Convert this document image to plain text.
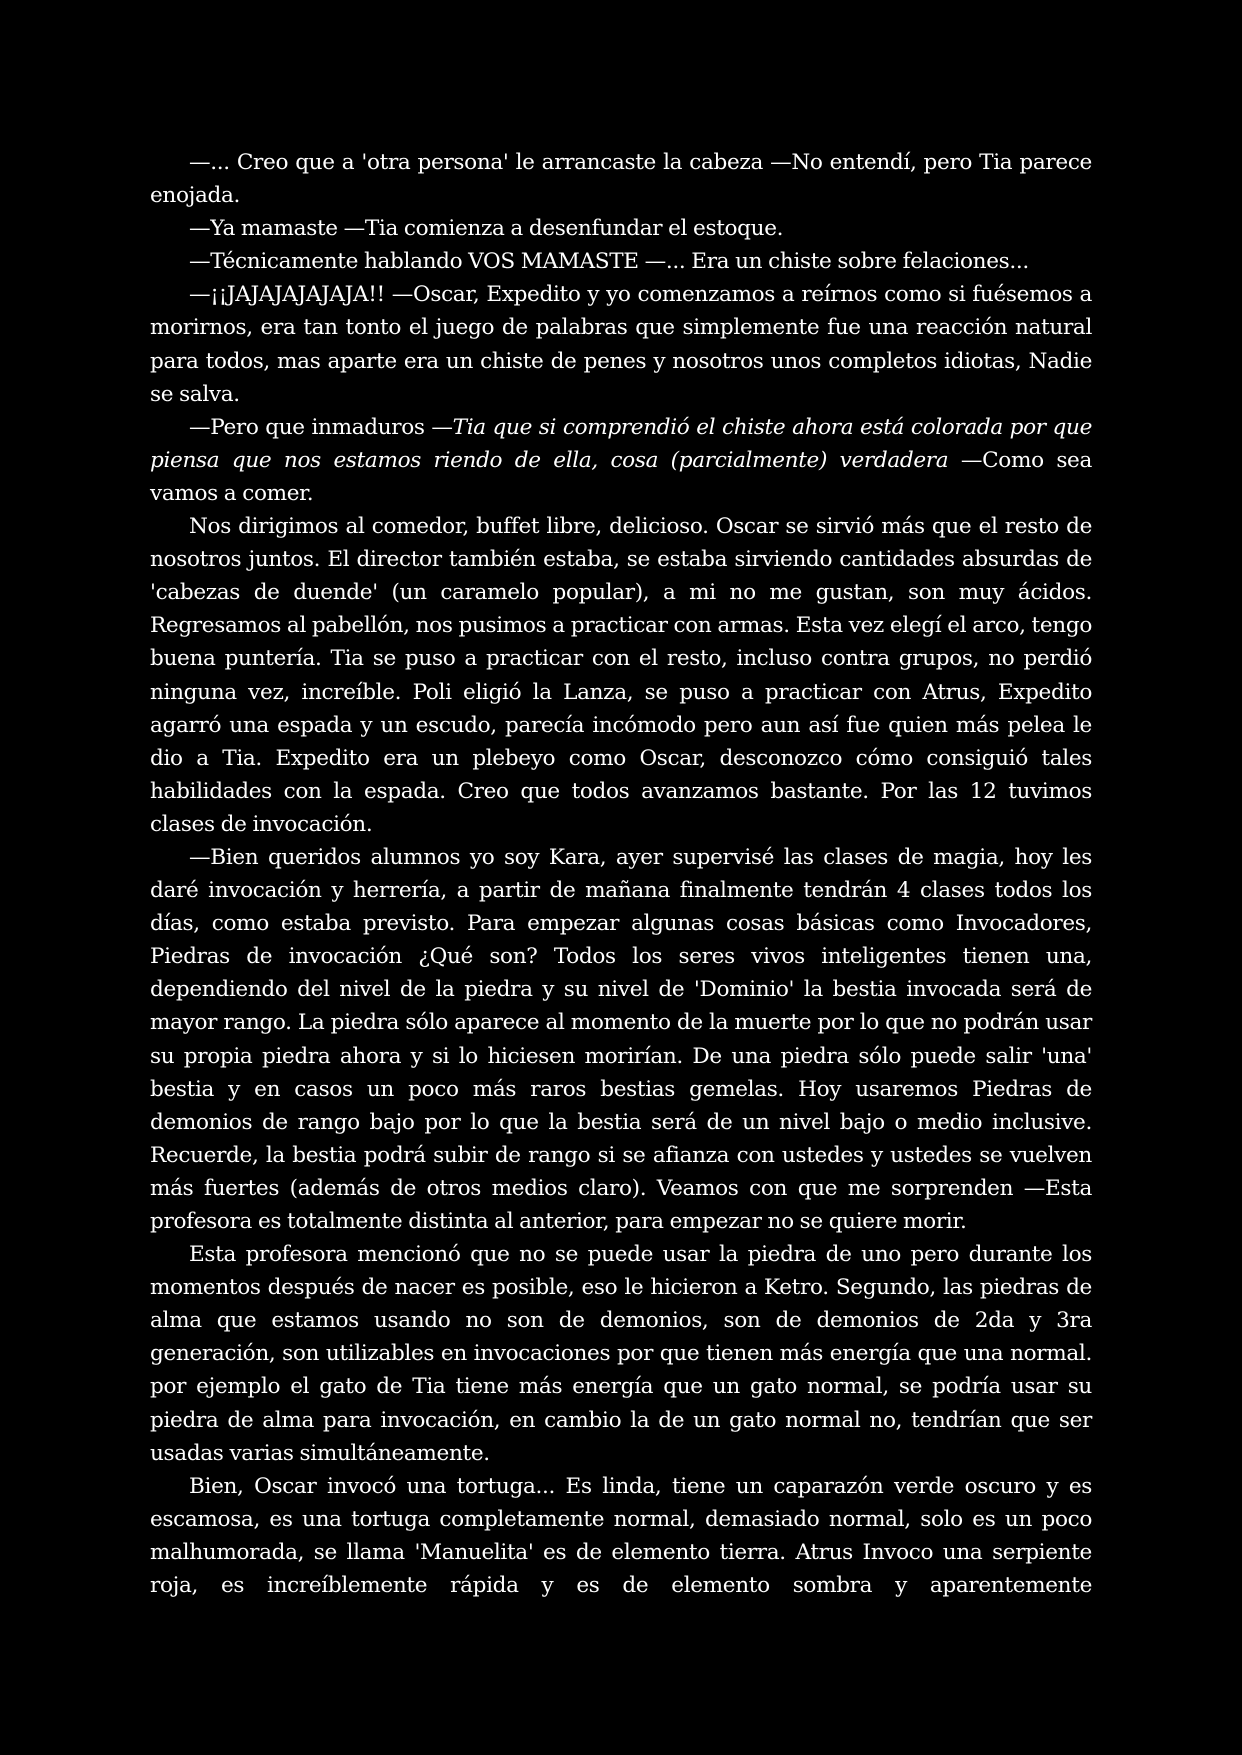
—... Creo que a 'otra persona' le arrancaste la cabeza —No entendí, pero Tia parece enojada.

—Ya mamaste —Tia comienza a desenfundar el estoque.

—Técnicamente hablando VOS MAMASTE —... Era un chiste sobre felaciones...

—¡¡JAJAJAJAJAJA!! —Oscar, Expedito y yo comenzamos a reírnos como si fuésemos a morirnos, era tan tonto el juego de palabras que simplemente fue una reacción natural para todos, mas aparte era un chiste de penes y nosotros unos completos idiotas, Nadie se salva.

—Pero que inmaduros —Tia que si comprendió el chiste ahora está colorada por que piensa que nos estamos riendo de ella, cosa (parcialmente) verdadera —Como sea vamos a comer.

Nos dirigimos al comedor, buffet libre, delicioso. Oscar se sirvió más que el resto de nosotros juntos. El director también estaba, se estaba sirviendo cantidades absurdas de 'cabezas de duende' (un caramelo popular), a mi no me gustan, son muy ácidos. Regresamos al pabellón, nos pusimos a practicar con armas. Esta vez elegí el arco, tengo buena puntería. Tia se puso a practicar con el resto, incluso contra grupos, no perdió ninguna vez, increíble. Poli eligió la Lanza, se puso a practicar con Atrus, Expedito agarró una espada y un escudo, parecía incómodo pero aun así fue quien más pelea le dio a Tia. Expedito era un plebeyo como Oscar, desconozco cómo consiguió tales habilidades con la espada. Creo que todos avanzamos bastante. Por las 12 tuvimos clases de invocación.

—Bien queridos alumnos yo soy Kara, ayer supervisé las clases de magia, hoy les daré invocación y herrería, a partir de mañana finalmente tendrán 4 clases todos los días, como estaba previsto. Para empezar algunas cosas básicas como Invocadores, Piedras de invocación ¿Qué son? Todos los seres vivos inteligentes tienen una, dependiendo del nivel de la piedra y su nivel de 'Dominio' la bestia invocada será de mayor rango. La piedra sólo aparece al momento de la muerte por lo que no podrán usar su propia piedra ahora y si lo hiciesen morirían. De una piedra sólo puede salir 'una' bestia y en casos un poco más raros bestias gemelas. Hoy usaremos Piedras de demonios de rango bajo por lo que la bestia será de un nivel bajo o medio inclusive. Recuerde, la bestia podrá subir de rango si se afianza con ustedes y ustedes se vuelven más fuertes (además de otros medios claro). Veamos con que me sorprenden —Esta profesora es totalmente distinta al anterior, para empezar no se quiere morir.

Esta profesora mencionó que no se puede usar la piedra de uno pero durante los momentos después de nacer es posible, eso le hicieron a Ketro. Segundo, las piedras de alma que estamos usando no son de demonios, son de demonios de 2da y 3ra generación, son utilizables en invocaciones por que tienen más energía que una normal. por ejemplo el gato de Tia tiene más energía que un gato normal, se podría usar su piedra de alma para invocación, en cambio la de un gato normal no, tendrían que ser usadas varias simultáneamente.

Bien, Oscar invocó una tortuga... Es linda, tiene un caparazón verde oscuro y es escamosa, es una tortuga completamente normal, demasiado normal, solo es un poco malhumorada, se llama 'Manuelita' es de elemento tierra. Atrus Invoco una serpiente roja, es increíblemente rápida y es de elemento sombra y aparentemente
